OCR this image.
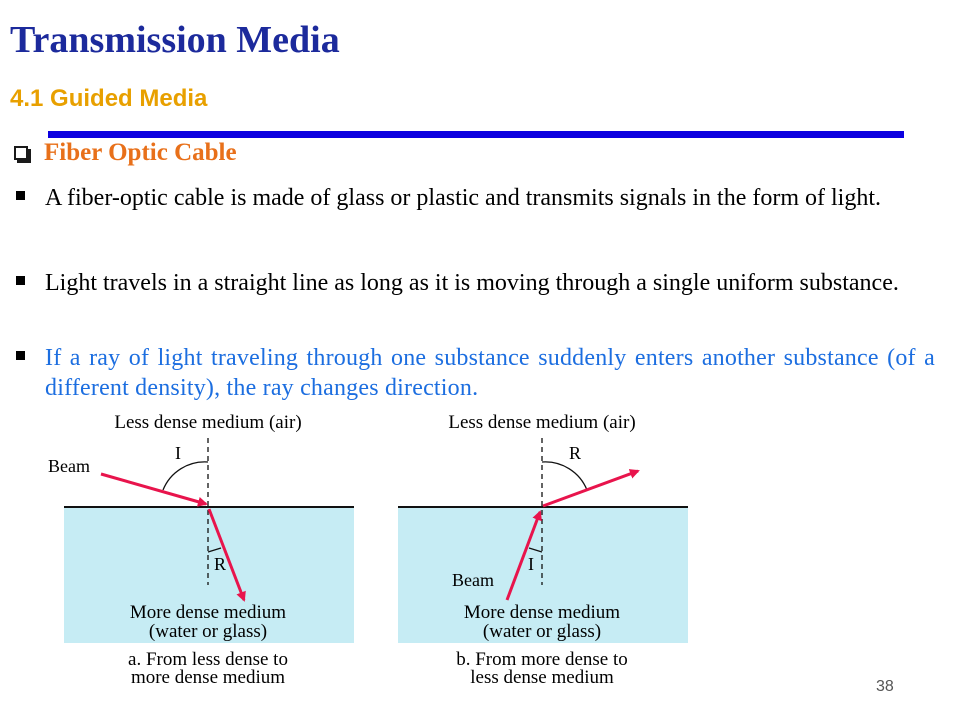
Transmission Media
4.1 Guided Media
Fiber Optic Cable
A fiber-optic cable is made of glass or plastic and transmits signals in the form of light.
Light travels in a straight line as long as it is moving through a single uniform substance.
If a ray of light traveling through one substance suddenly enters another substance (of a different density), the ray changes direction.
Less dense medium (air)
I
R
Beam
More dense medium
(water or glass)
a. From less dense to
more dense medium
Less dense medium (air)
R
I
Beam
More dense medium
(water or glass)
b. From more dense to
less dense medium	38
